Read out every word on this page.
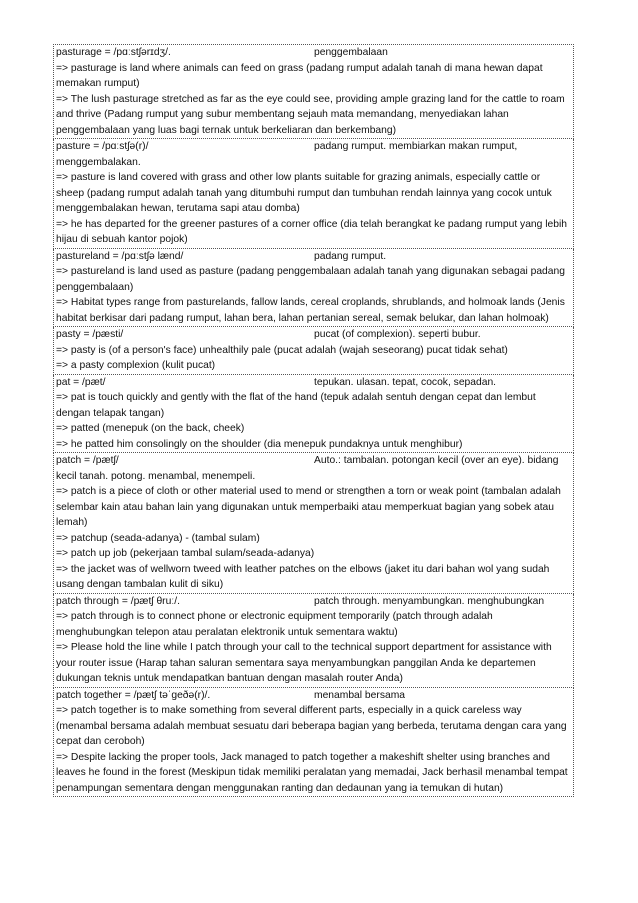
pasturage = /pɑːstʃərɪdʒ/.	penggembalaan
=> pasturage is land where animals can feed on grass (padang rumput adalah tanah di mana hewan dapat memakan rumput)
=> The lush pasturage stretched as far as the eye could see, providing ample grazing land for the cattle to roam and thrive (Padang rumput yang subur membentang sejauh mata memandang, menyediakan lahan penggembalaan yang luas bagi ternak untuk berkeliaran dan berkembang)
pasture = /pɑːstʃə(r)/	padang rumput. membiarkan makan rumput,
menggembalakan.
=> pasture is land covered with grass and other low plants suitable for grazing animals, especially cattle or sheep (padang rumput adalah tanah yang ditumbuhi rumput dan tumbuhan rendah lainnya yang cocok untuk menggembalakan hewan, terutama sapi atau domba)
=> he has departed for the greener pastures of a corner office (dia telah berangkat ke padang rumput yang lebih hijau di sebuah kantor pojok)
pastureland = /pɑːstʃə lænd/	padang rumput.
=> pastureland is land used as pasture (padang penggembalaan adalah tanah yang digunakan sebagai padang penggembalaan)
=> Habitat types range from pasturelands, fallow lands, cereal croplands, shrublands, and holmoak lands (Jenis habitat berkisar dari padang rumput, lahan bera, lahan pertanian sereal, semak belukar, dan lahan holmoak)
pasty = /pæsti/	pucat (of complexion). seperti bubur.
=> pasty is (of a person's face) unhealthily pale (pucat adalah (wajah seseorang) pucat tidak sehat)
=> a pasty complexion (kulit pucat)
pat = /pæt/	tepukan. ulasan. tepat, cocok, sepadan.
=> pat is touch quickly and gently with the flat of the hand (tepuk adalah sentuh dengan cepat dan lembut dengan telapak tangan)
=> patted (menepuk (on the back, cheek)
=> he patted him consolingly on the shoulder (dia menepuk pundaknya untuk menghibur)
patch = /pætʃ/	Auto.: tambalan. potongan kecil (over an eye). bidang
kecil tanah. potong. menambal, menempeli.
=> patch is a piece of cloth or other material used to mend or strengthen a torn or weak point (tambalan adalah selembar kain atau bahan lain yang digunakan untuk memperbaiki atau memperkuat bagian yang sobek atau lemah)
=> patchup (seada-adanya) - (tambal sulam)
=> patch up job (pekerjaan tambal sulam/seada-adanya)
=> the jacket was of wellworn tweed with leather patches on the elbows (jaket itu dari bahan wol yang sudah usang dengan tambalan kulit di siku)
patch through = /pætʃ θruː/.	patch through. menyambungkan. menghubungkan
=> patch through is to connect phone or electronic equipment temporarily (patch through adalah menghubungkan telepon atau peralatan elektronik untuk sementara waktu)
=> Please hold the line while I patch through your call to the technical support department for assistance with your router issue (Harap tahan saluran sementara saya menyambungkan panggilan Anda ke departemen dukungan teknis untuk mendapatkan bantuan dengan masalah router Anda)
patch together = /pætʃ təˈgeðə(r)/.	menambal bersama
=> patch together is to make something from several different parts, especially in a quick careless way (menambal bersama adalah membuat sesuatu dari beberapa bagian yang berbeda, terutama dengan cara yang cepat dan ceroboh)
=> Despite lacking the proper tools, Jack managed to patch together a makeshift shelter using branches and leaves he found in the forest (Meskipun tidak memiliki peralatan yang memadai, Jack berhasil menambal tempat penampungan sementara dengan menggunakan ranting dan dedaunan yang ia temukan di hutan)
